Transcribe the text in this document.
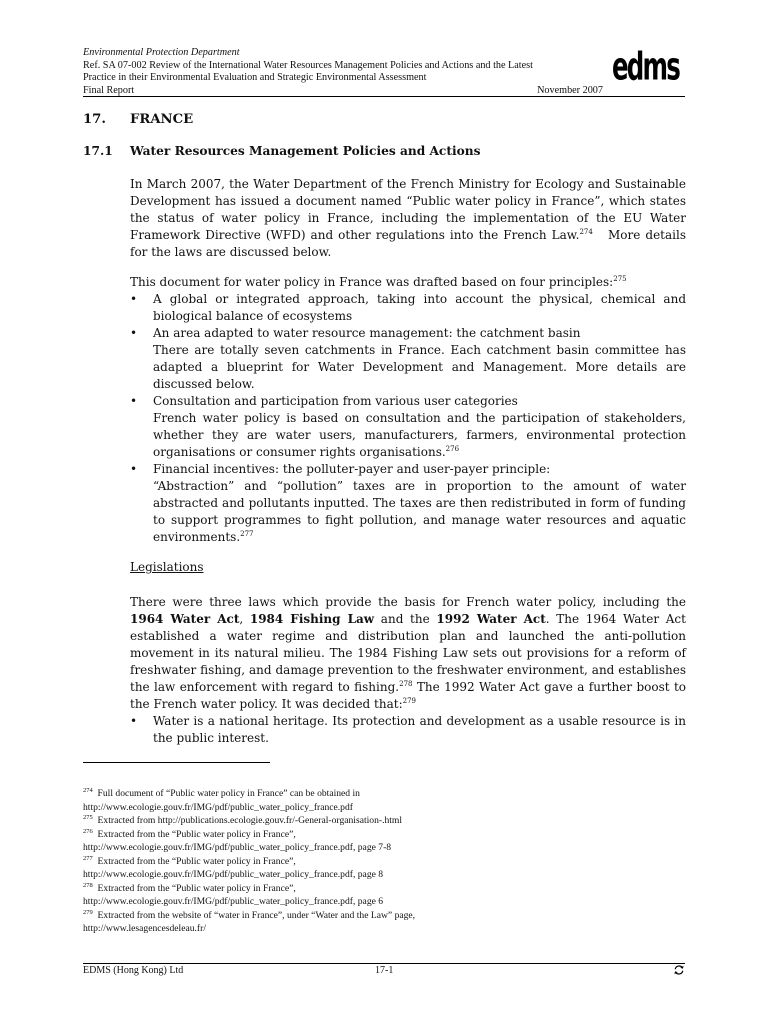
Environmental Protection Department
Ref. SA 07-002 Review of the International Water Resources Management Policies and Actions and the Latest
Practice in their Environmental Evaluation and Strategic Environmental Assessment
Final Report	November 2007
edms
17. FRANCE
17.1 Water Resources Management Policies and Actions
In March 2007, the Water Department of the French Ministry for Ecology and Sustainable Development has issued a document named “Public water policy in France”, which states the status of water policy in France, including the implementation of the EU Water Framework Directive (WFD) and other regulations into the French Law.$^{274}$ More details for the laws are discussed below.
This document for water policy in France was drafted based on four principles:$^{275}$
• A global or integrated approach, taking into account the physical, chemical and biological balance of ecosystems
• An area adapted to water resource management: the catchment basin
There are totally seven catchments in France. Each catchment basin committee has adapted a blueprint for Water Development and Management. More details are discussed below.
• Consultation and participation from various user categories
French water policy is based on consultation and the participation of stakeholders, whether they are water users, manufacturers, farmers, environmental protection organisations or consumer rights organisations.$^{276}$
• Financial incentives: the polluter-payer and user-payer principle:
“Abstraction” and “pollution” taxes are in proportion to the amount of water abstracted and pollutants inputted. The taxes are then redistributed in form of funding to support programmes to fight pollution, and manage water resources and aquatic environments.$^{277}$
Legislations
There were three laws which provide the basis for French water policy, including the 1964 Water Act, 1984 Fishing Law and the 1992 Water Act. The 1964 Water Act established a water regime and distribution plan and launched the anti-pollution movement in its natural milieu. The 1984 Fishing Law sets out provisions for a reform of freshwater fishing, and damage prevention to the freshwater environment, and establishes the law enforcement with regard to fishing.$^{278}$ The 1992 Water Act gave a further boost to the French water policy. It was decided that:$^{279}$
• Water is a national heritage. Its protection and development as a usable resource is in the public interest.
$^{274}$ Full document of “Public water policy in France” can be obtained in
http://www.ecologie.gouv.fr/IMG/pdf/public_water_policy_france.pdf
$^{275}$ Extracted from http://publications.ecologie.gouv.fr/-General-organisation-.html
$^{276}$ Extracted from the “Public water policy in France”,
http://www.ecologie.gouv.fr/IMG/pdf/public_water_policy_france.pdf, page 7-8
$^{277}$ Extracted from the “Public water policy in France”,
http://www.ecologie.gouv.fr/IMG/pdf/public_water_policy_france.pdf, page 8
$^{278}$ Extracted from the “Public water policy in France”,
http://www.ecologie.gouv.fr/IMG/pdf/public_water_policy_france.pdf, page 6
$^{279}$ Extracted from the website of “water in France”, under “Water and the Law” page,
http://www.lesagencesdeleau.fr/
EDMS (Hong Kong) Ltd	17-1
